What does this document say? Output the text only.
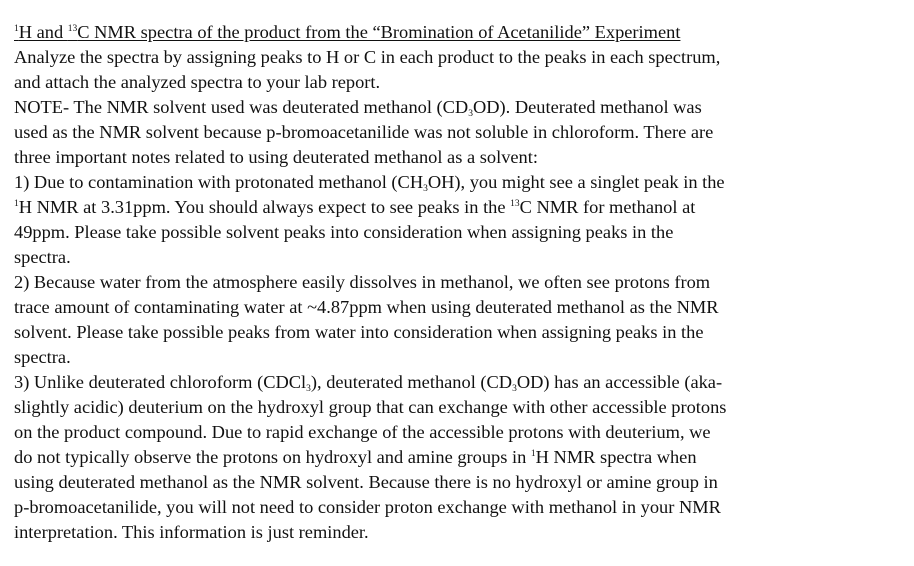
$^1$H and $^{13}$C NMR spectra of the product from the “Bromination of Acetanilide” Experiment
Analyze the spectra by assigning peaks to H or C in each product to the peaks in each spectrum,
and attach the analyzed spectra to your lab report.
NOTE- The NMR solvent used was deuterated methanol $(CD_3OD)$. Deuterated methanol was
used as the NMR solvent because p-bromoacetanilide was not soluble in chloroform. There are
three important notes related to using deuterated methanol as a solvent:
1) Due to contamination with protonated methanol $(CH_3OH)$, you might see a singlet peak in the
$^1$H NMR at 3.31ppm. You should always expect to see peaks in the $^{13}$C NMR for methanol at
49ppm. Please take possible solvent peaks into consideration when assigning peaks in the
spectra.
2) Because water from the atmosphere easily dissolves in methanol, we often see protons from
trace amount of contaminating water at ~4.87ppm when using deuterated methanol as the NMR
solvent. Please take possible peaks from water into consideration when assigning peaks in the
spectra.
3) Unlike deuterated chloroform (CDCl$_3$), deuterated methanol $(CD_3OD)$ has an accessible (aka-
slightly acidic) deuterium on the hydroxyl group that can exchange with other accessible protons
on the product compound. Due to rapid exchange of the accessible protons with deuterium, we
do not typically observe the protons on hydroxyl and amine groups in $^1$H NMR spectra when
using deuterated methanol as the NMR solvent. Because there is no hydroxyl or amine group in
p-bromoacetanilide, you will not need to consider proton exchange with methanol in your NMR
interpretation. This information is just reminder.
